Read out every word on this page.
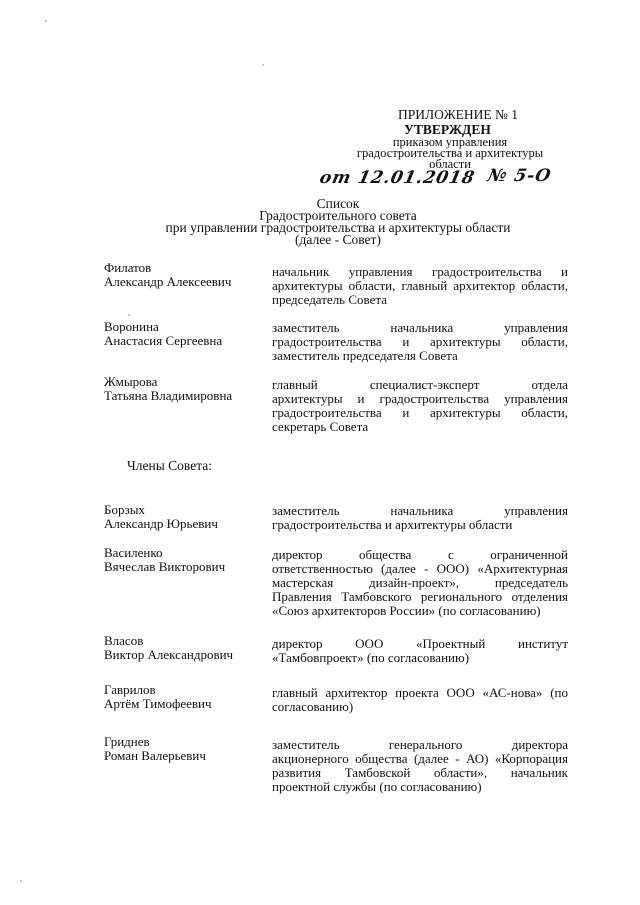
ПРИЛОЖЕНИЕ № 1
УТВЕРЖДЕН
приказом управления
градостроительства и архитектуры
области
от 12.01.2018 № 5-О
Список
Градостроительного совета
при управлении градостроительства и архитектуры области
(далее - Совет)
Филатов
Александр Алексеевич
начальник управления градостроительства и
архитектуры области, главный архитектор области,
председатель Совета
Воронина
Анастасия Сергеевна
заместитель начальника управления
градостроительства и архитектуры области,
заместитель председателя Совета
Жмырова
Татьяна Владимировна
главный специалист-эксперт отдела
архитектуры и градостроительства управления
градостроительства и архитектуры области,
секретарь Совета
Члены Совета:
Борзых
Александр Юрьевич
заместитель начальника управления
градостроительства и архитектуры области
Василенко
Вячеслав Викторович
директор общества с ограниченной
ответственностью (далее - ООО) «Архитектурная
мастерская дизайн-проект», председатель
Правления Тамбовского регионального отделения
«Союз архитекторов России» (по согласованию)
Власов
Виктор Александрович
директор ООО «Проектный институт
«Тамбовпроект» (по согласованию)
Гаврилов
Артём Тимофеевич
главный архитектор проекта ООО «АС-нова» (по
согласованию)
Гриднев
Роман Валерьевич
заместитель генерального директора
акционерного общества (далее - АО) «Корпорация
развития Тамбовской области», начальник
проектной службы (по согласованию)
